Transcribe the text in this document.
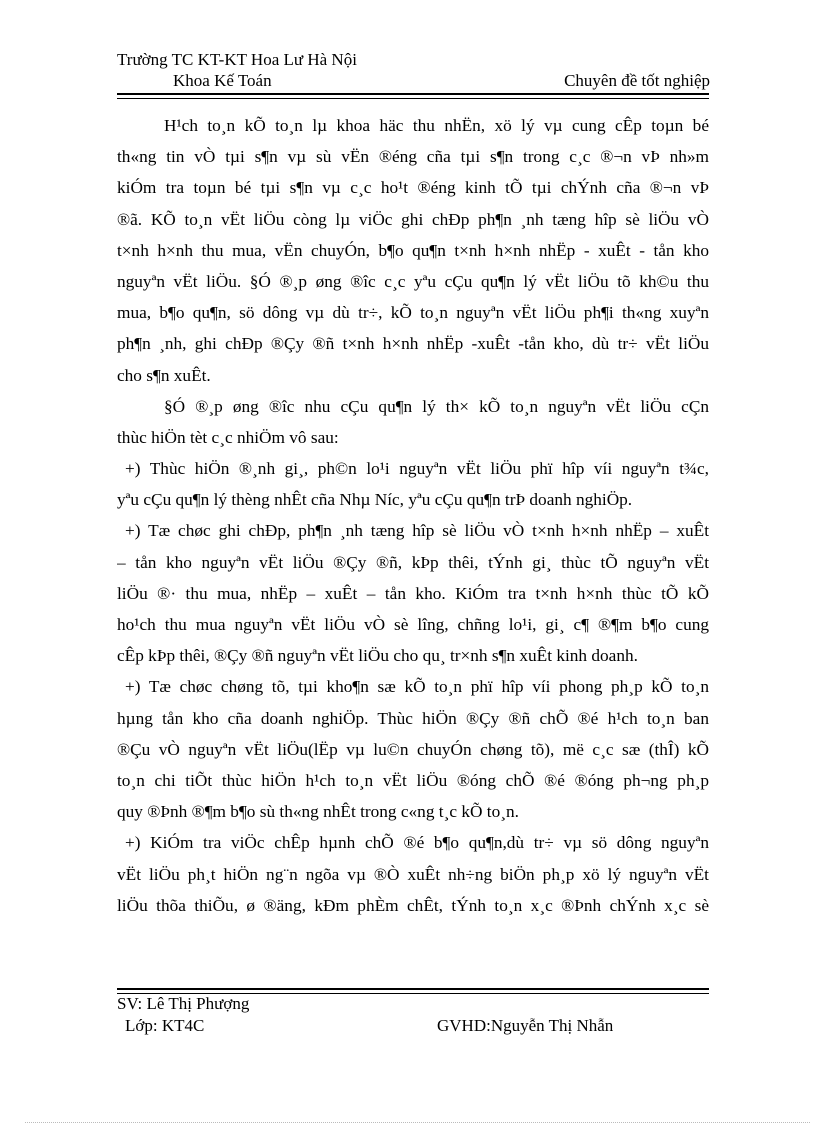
Trường TC KT-KT Hoa Lư Hà Nội
Khoa Kế Toán	Chuyên đề tốt nghiệp
H¹ch to¸n kÕ to¸n lµ khoa häc thu nhËn, xö lý vµ cung cÊp toµn bé
th«ng tin vÒ tµi s¶n vµ sù vËn ®éng cña tµi s¶n trong c¸c ®¬n vÞ nh»m
kiÓm tra toµn bé tµi s¶n vµ c¸c ho¹t ®éng kinh tÕ tµi chÝnh cña ®¬n vÞ
®ã. KÕ to¸n vËt liÖu còng lµ viÖc ghi chÐp ph¶n ¸nh tæng hîp sè liÖu vÒ
t×nh h×nh thu mua, vËn chuyÓn, b¶o qu¶n t×nh h×nh nhËp - xuÊt - tån kho
nguyªn vËt liÖu. §Ó ®¸p øng ®îc c¸c yªu cÇu qu¶n lý vËt liÖu tõ kh©u thu
mua, b¶o qu¶n, sö dông vµ dù tr÷, kÕ to¸n nguyªn vËt liÖu ph¶i th«ng xuyªn
ph¶n ¸nh, ghi chÐp ®Çy ®ñ t×nh h×nh nhËp -xuÊt -tån kho, dù tr÷ vËt liÖu
cho s¶n xuÊt.
§Ó ®¸p øng ®îc nhu cÇu qu¶n lý th× kÕ to¸n nguyªn vËt liÖu cÇn
thùc hiÖn tèt c¸c nhiÖm vô sau:
+) Thùc hiÖn ®¸nh gi¸, ph©n lo¹i nguyªn vËt liÖu phï hîp víi nguyªn t¾c,
yªu cÇu qu¶n lý thèng nhÊt cña Nhµ Níc, yªu cÇu qu¶n trÞ doanh nghiÖp.
+) Tæ chøc ghi chÐp, ph¶n ¸nh tæng hîp sè liÖu vÒ t×nh h×nh nhËp – xuÊt
– tån kho nguyªn vËt liÖu ®Çy ®ñ, kÞp thêi, tÝnh gi¸ thùc tÕ nguyªn vËt
liÖu ®· thu mua, nhËp – xuÊt – tån kho. KiÓm tra t×nh h×nh thùc tÕ kÕ
ho¹ch thu mua nguyªn vËt liÖu vÒ sè lîng, chñng lo¹i, gi¸ c¶ ®¶m b¶o cung
cÊp kÞp thêi, ®Çy ®ñ nguyªn vËt liÖu cho qu¸ tr×nh s¶n xuÊt kinh doanh.
+) Tæ chøc chøng tõ, tµi kho¶n sæ kÕ to¸n phï hîp víi phong ph¸p kÕ to¸n
hµng tån kho cña doanh nghiÖp. Thùc hiÖn ®Çy ®ñ chÕ ®é h¹ch to¸n ban
®Çu vÒ nguyªn vËt liÖu(lËp vµ lu©n chuyÓn chøng tõ), më c¸c sæ (thÎ) kÕ
to¸n chi tiÕt thùc hiÖn h¹ch to¸n vËt liÖu ®óng chÕ ®é ®óng ph¬ng ph¸p
quy ®Þnh ®¶m b¶o sù th«ng nhÊt trong c«ng t¸c kÕ to¸n.
+) KiÓm tra viÖc chÊp hµnh chÕ ®é b¶o qu¶n,dù tr÷ vµ sö dông nguyªn
vËt liÖu ph¸t hiÖn ng¨n ngõa vµ ®Ò xuÊt nh÷ng biÖn ph¸p xö lý nguyªn vËt
liÖu thõa thiÕu, ø ®äng, kÐm phÈm chÊt, tÝnh to¸n x¸c ®Þnh chÝnh x¸c sè
SV: Lê Thị Phượng
Lớp: KT4C	GVHD:Nguyễn Thị Nhẫn
